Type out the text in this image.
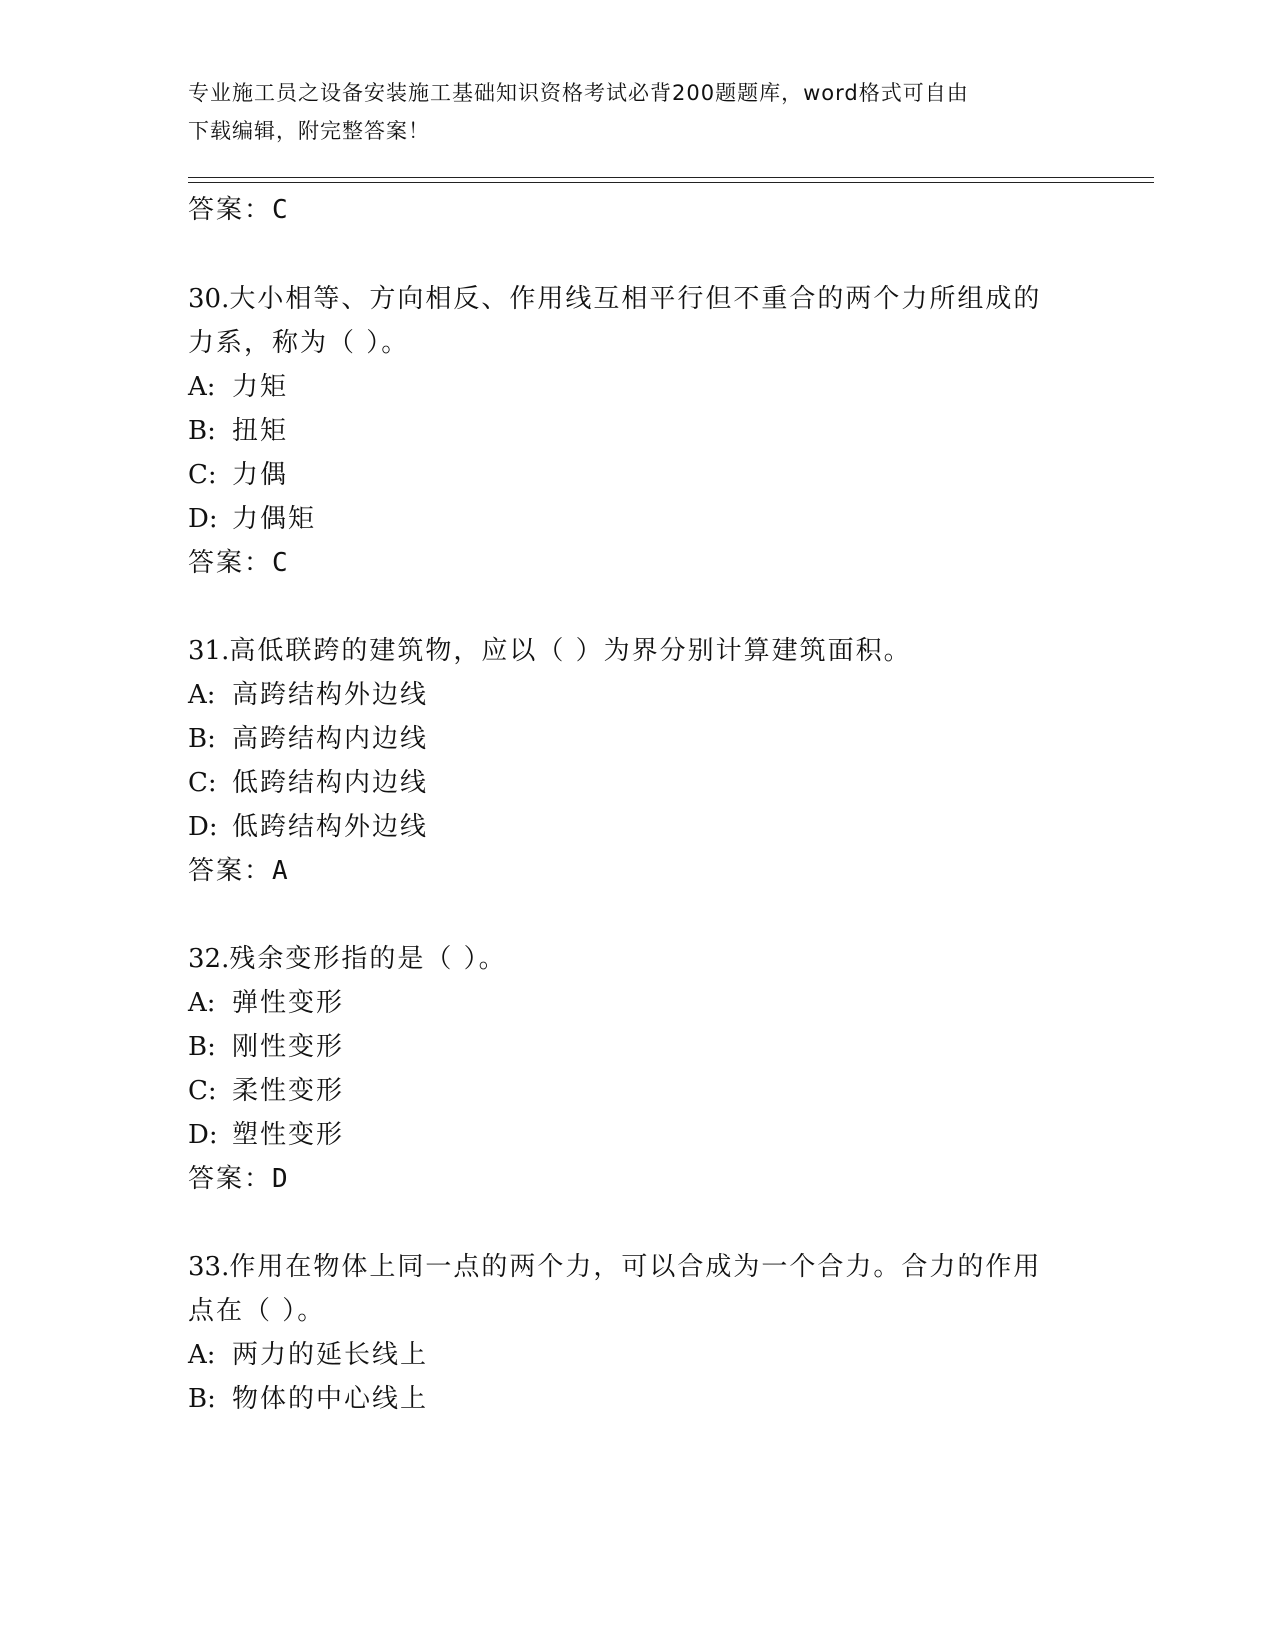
专业施工员之设备安装施工基础知识资格考试必背200题题库，word格式可自由
下载编辑，附完整答案！
答案：C
30.大小相等、方向相反、作用线互相平行但不重合的两个力所组成的
力系，称为（ ）。
A: 力矩
B: 扭矩
C: 力偶
D: 力偶矩
答案：C
31.高低联跨的建筑物，应以（ ）为界分别计算建筑面积。
A: 高跨结构外边线
B: 高跨结构内边线
C: 低跨结构内边线
D: 低跨结构外边线
答案：A
32.残余变形指的是（ ）。
A: 弹性变形
B: 刚性变形
C: 柔性变形
D: 塑性变形
答案：D
33.作用在物体上同一点的两个力，可以合成为一个合力。合力的作用
点在（ ）。
A: 两力的延长线上
B: 物体的中心线上
